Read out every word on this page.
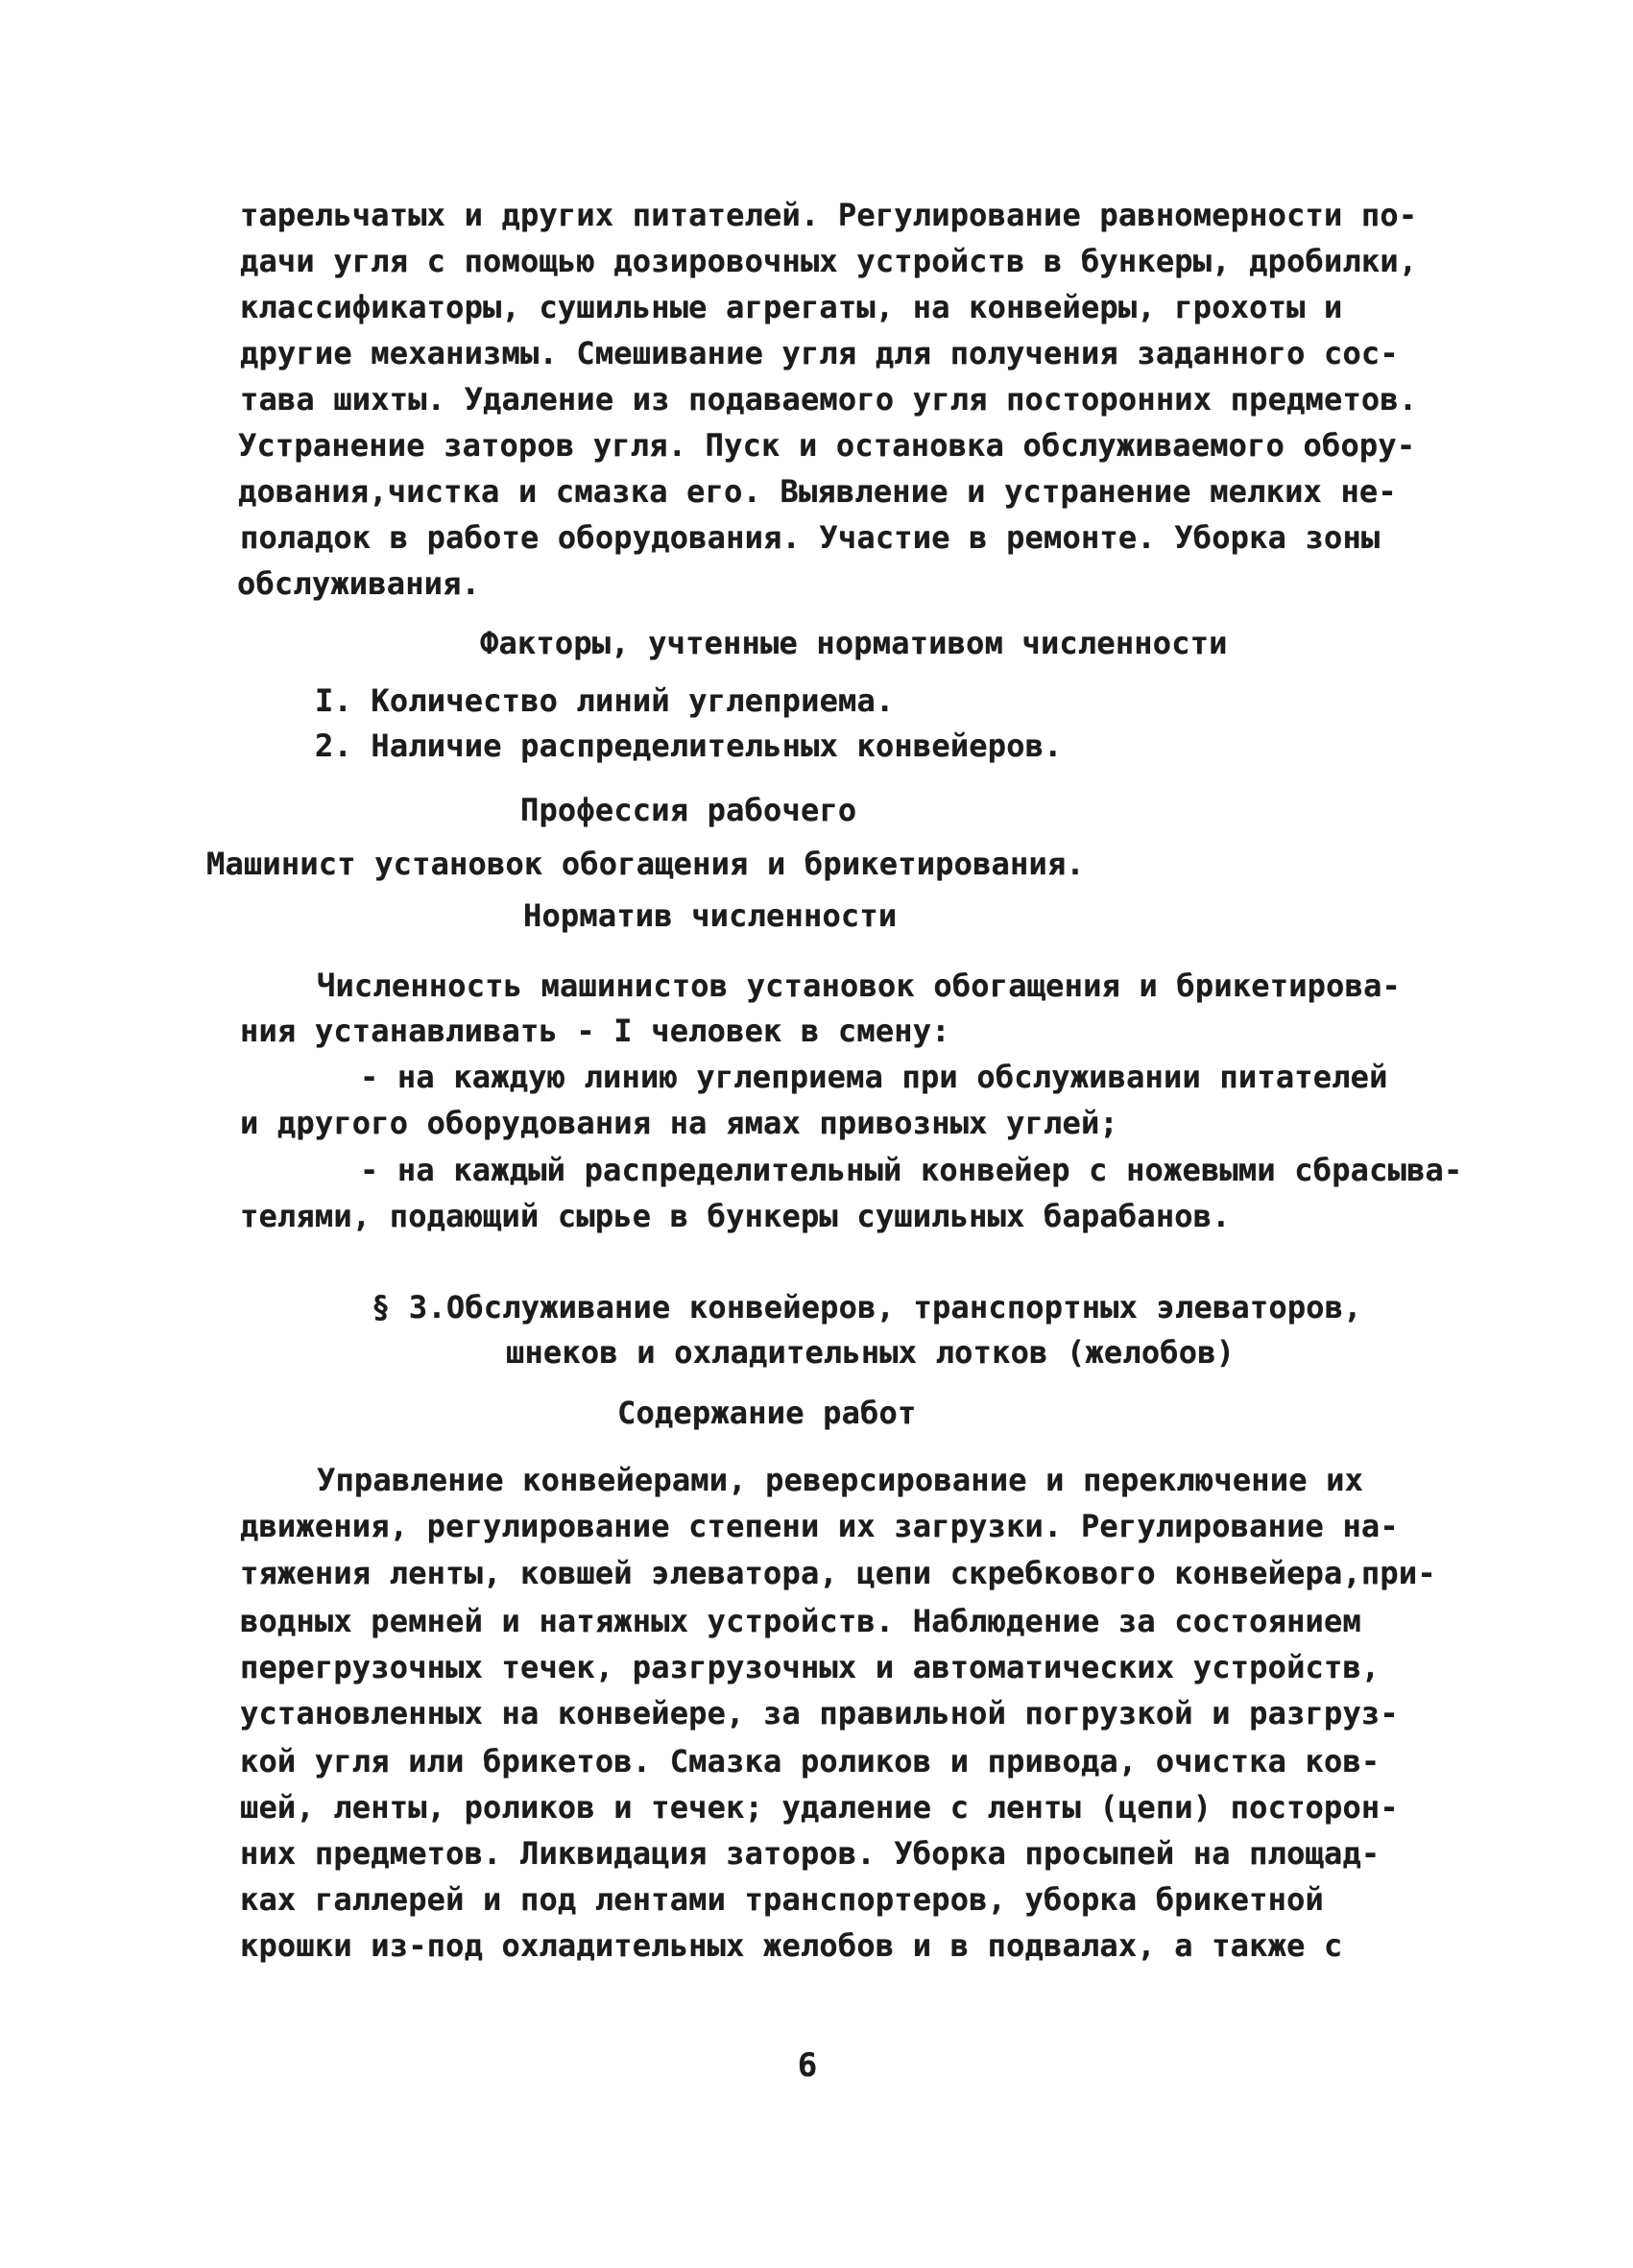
тарельчатых и других питателей. Регулирование равномерности по-
дачи угля с помощью дозировочных устройств в бункеры, дробилки,
классификаторы, сушильные агрегаты, на конвейеры, грохоты и
другие механизмы. Смешивание угля для получения заданного сос-
тава шихты. Удаление из подаваемого угля посторонних предметов.
Устранение заторов угля. Пуск и остановка обслуживаемого обору-
дования,чистка и смазка его. Выявление и устранение мелких не-
поладок в работе оборудования. Участие в ремонте. Уборка зоны
обслуживания.
Факторы, учтенные нормативом численности
I. Количество линий углеприема.
2. Наличие распределительных конвейеров.
Профессия рабочего
Машинист установок обогащения и брикетирования.
Норматив численности
Численность машинистов установок обогащения и брикетирова-
ния устанавливать - I человек в смену:
- на каждую линию углеприема при обслуживании питателей
и другого оборудования на ямах привозных углей;
- на каждый распределительный конвейер с ножевыми сбрасыва-
телями, подающий сырье в бункеры сушильных барабанов.
§ 3.Обслуживание конвейеров, транспортных элеваторов,
шнеков и охладительных лотков (желобов)
Содержание работ
Управление конвейерами, реверсирование и переключение их
движения, регулирование степени их загрузки. Регулирование на-
тяжения ленты, ковшей элеватора, цепи скребкового конвейера,при-
водных ремней и натяжных устройств. Наблюдение за состоянием
перегрузочных течек, разгрузочных и автоматических устройств,
установленных на конвейере, за правильной погрузкой и разгруз-
кой угля или брикетов. Смазка роликов и привода, очистка ков-
шей, ленты, роликов и течек; удаление с ленты (цепи) посторон-
них предметов. Ликвидация заторов. Уборка просыпей на площад-
ках галлерей и под лентами транспортеров, уборка брикетной
крошки из-под охладительных желобов и в подвалах, а также с
6
